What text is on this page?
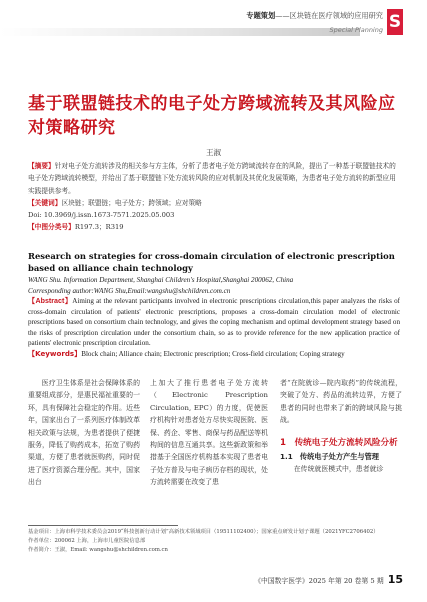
专题策划——区块链在医疗领域的应用研究
Special Planning S
基于联盟链技术的电子处方跨域流转及其风险应对策略研究
王淑
【摘要】针对电子处方流转涉及的相关参与方主体，分析了患者电子处方跨域流转存在的风险，提出了一种基于联盟链技术的电子处方跨域流转模型，并给出了基于联盟链下处方流转风险的应对机制及其优化发展策略，为患者电子处方流转的新型应用实践提供参考。
【关键词】区块链；联盟链；电子处方；跨领域；应对策略
Doi: 10.3969/j.issn.1673-7571.2025.05.003
【中图分类号】R197.3；R319
Research on strategies for cross-domain circulation of electronic prescription based on alliance chain technology
WANG Shu. Information Department, Shanghai Children's Hospital,Shanghai 200062, China
Corresponding author:WANG Shu,Email:wangshu@shchildren.com.cn
【Abstract】Aiming at the relevant participants involved in electronic prescriptions circulation,this paper analyzes the risks of cross-domain circulation of patients' electronic prescriptions, proposes a cross-domain circulation model of electronic prescriptions based on consortium chain technology, and gives the coping mechanism and optimal development strategy based on the risks of prescription circulation under the consortium chain, so as to provide reference for the new application practice of patients' electronic prescription circulation.
【Keywords】Block chain; Alliance chain; Electronic prescription; Cross-field circulation; Coping strategy
医疗卫生体系是社会保障体系的重要组成部分，是惠民福祉重要的一环，具有保障社会稳定的作用。近些年，国家出台了一系列医疗体制改革相关政策与法规，为患者提供了便捷服务，降低了购药成本，拓宽了购药渠道，方便了患者就医购药，同时促进了医疗资源合理分配。其中，国家出台
上加大了推行患者电子处方流转（Electronic Prescription Circulation, EPC）的力度，促使医疗机构针对患者处方尽快实现医院、医保、药企、零售、商保与药品配送等机构间的信息互通共享。这些新政策和举措基于全国医疗机构基本实现了患者电子处方普及与电子病历存档的现状，处方流转需要在改变了患
者“在院就诊—院内取药”的传统流程，突破了处方、药品的流转边界，方便了患者的同时也带来了新的跨域风险与挑战。
1　传统电子处方流转风险分析
1.1　传统电子处方产生与管理
在传统就医模式中，患者就诊
基金项目：上海市科学技术委员会2019“科技创新行动计划”高新技术领域项目（19511102400）；国家重点研发计划子课题（2021YFC2706402）
作者单位：200062 上海，上海市儿童医院信息部
作者简介：王淑，Email: wangshu@shchildren.com.cn
《中国数字医学》2025 年第 20 卷第 5 期 15
